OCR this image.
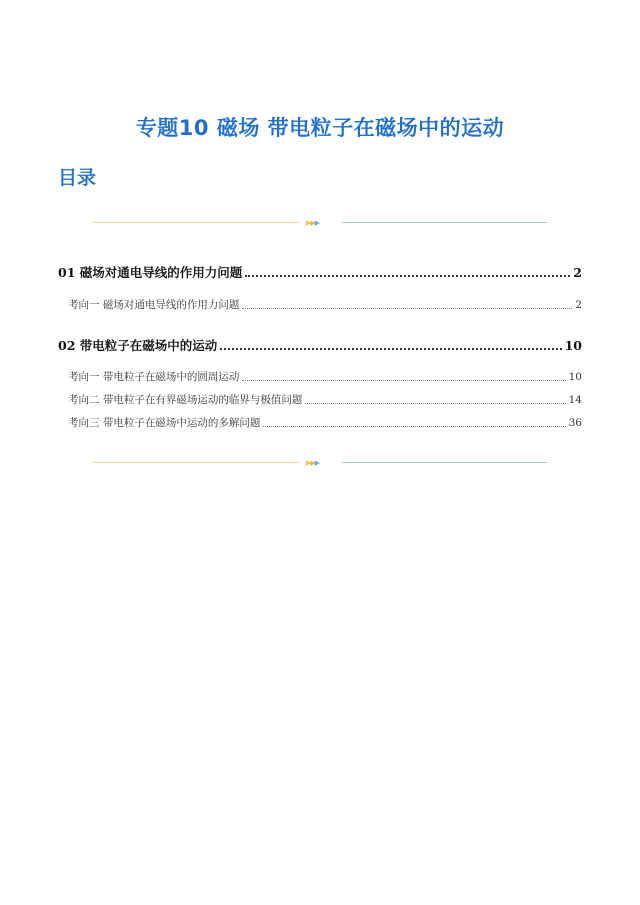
专题10 磁场 带电粒子在磁场中的运动
目录
▶▶▶
01 磁场对通电导线的作用力问题	2
考向一 磁场对通电导线的作用力问题	2
02 带电粒子在磁场中的运动	10
考向一 带电粒子在磁场中的圆周运动	10
考向二 带电粒子在有界磁场运动的临界与极值问题	14
考向三 带电粒子在磁场中运动的多解问题	36
▶▶▶
